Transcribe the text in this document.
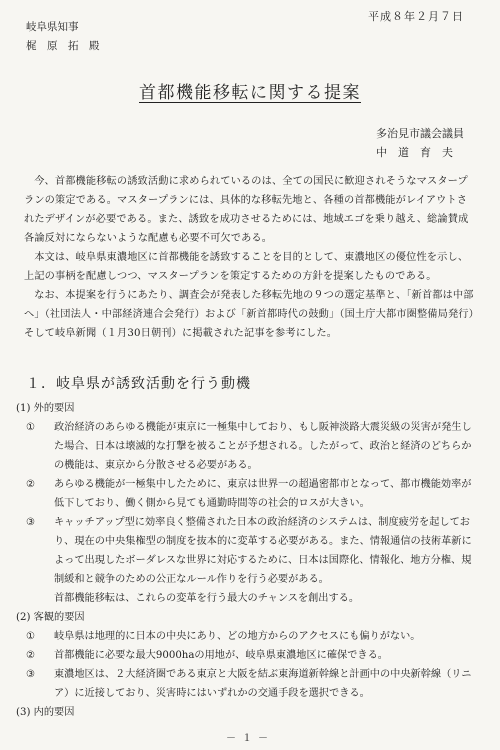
平成８年２月７日
岐阜県知事
梶　原　拓　殿
首都機能移転に関する提案
多治見市議会議員
中　道　育　夫

今、首都機能移転の誘致活動に求められているのは、全ての国民に歓迎されそうなマスタープランの策定である。マスタープランには、具体的な移転先地と、各種の首都機能がレイアウトされたデザインが必要である。また、誘致を成功させるためには、地域エゴを乗り越え、総論賛成各論反対にならないような配慮も必要不可欠である。

本文は、岐阜県東濃地区に首都機能を誘致することを目的として、東濃地区の優位性を示し、上記の事柄を配慮しつつ、マスタープランを策定するための方針を提案したものである。

なお、本提案を行うにあたり、調査会が発表した移転先地の９つの選定基準と、「新首都は中部へ」（社団法人・中部経済連合会発行）および「新首都時代の鼓動」（国土庁大都市圏整備局発行）そして岐阜新聞（１月30日朝刊）に掲載された記事を参考にした。

１．岐阜県が誘致活動を行う動機
(1) 外的要因
①	政治経済のあらゆる機能が東京に一極集中しており、もし阪神淡路大震災級の災害が発生した場合、日本は壊滅的な打撃を被ることが予想される。したがって、政治と経済のどちらかの機能は、東京から分散させる必要がある。
②	あらゆる機能が一極集中したために、東京は世界一の超過密都市となって、都市機能効率が低下しており、働く側から見ても通勤時間等の社会的ロスが大きい。
③	キャッチアップ型に効率良く整備された日本の政治経済のシステムは、制度疲労を起しており、現在の中央集権型の制度を抜本的に変革する必要がある。また、情報通信の技術革新によって出現したボーダレスな世界に対応するために、日本は国際化、情報化、地方分権、規制緩和と競争のための公正なルール作りを行う必要がある。
首都機能移転は、これらの変革を行う最大のチャンスを創出する。
(2) 客観的要因
①	岐阜県は地理的に日本の中央にあり、どの地方からのアクセスにも偏りがない。
②	首都機能に必要な最大9000haの用地が、岐阜県東濃地区に確保できる。
③	東濃地区は、２大経済圏である東京と大阪を結ぶ東海道新幹線と計画中の中央新幹線（リニア）に近接しており、災害時にはいずれかの交通手段を選択できる。
(3) 内的要因
－１－
